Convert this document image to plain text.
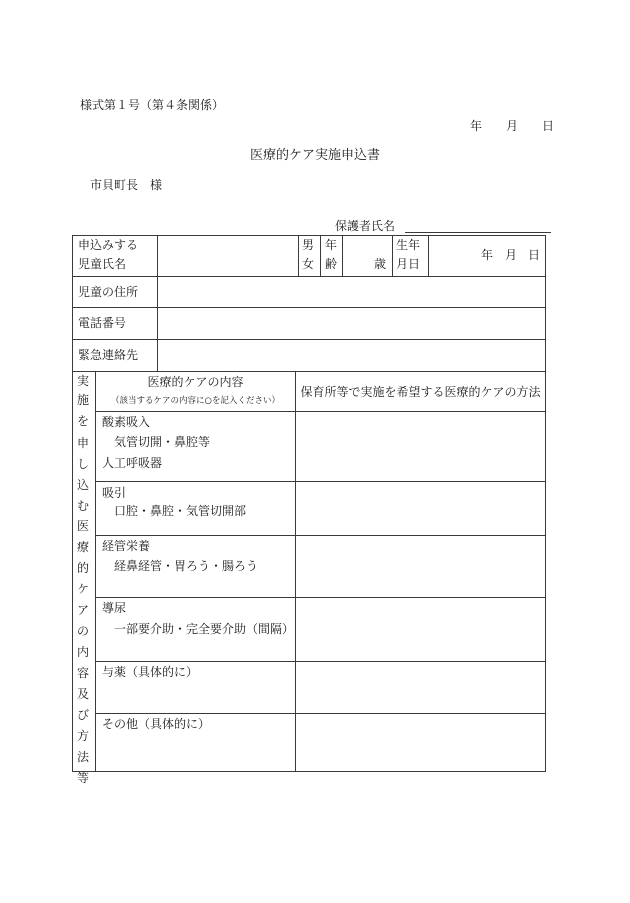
様式第１号（第４条関係）
年 月 日
医療的ケア実施申込書
市貝町長　様
保護者氏名
申込みする
児童氏名
男
女
年
齢	歳
生年
月日
年 月 日
児童の住所
電話番号
緊急連絡先
実
施
を
申
し
込
む
医
療
的
ケ
ア
の
内
容
及
び
方
法
等
医療的ケアの内容
（該当するケアの内容に○を記入ください）
保育所等で実施を希望する医療的ケアの方法
酸素吸入
気管切開・鼻腔等
人工呼吸器
吸引
口腔・鼻腔・気管切開部
経管栄養
経鼻経管・胃ろう・腸ろう
導尿
一部要介助・完全要介助（間隔）
与薬（具体的に）
その他（具体的に）
